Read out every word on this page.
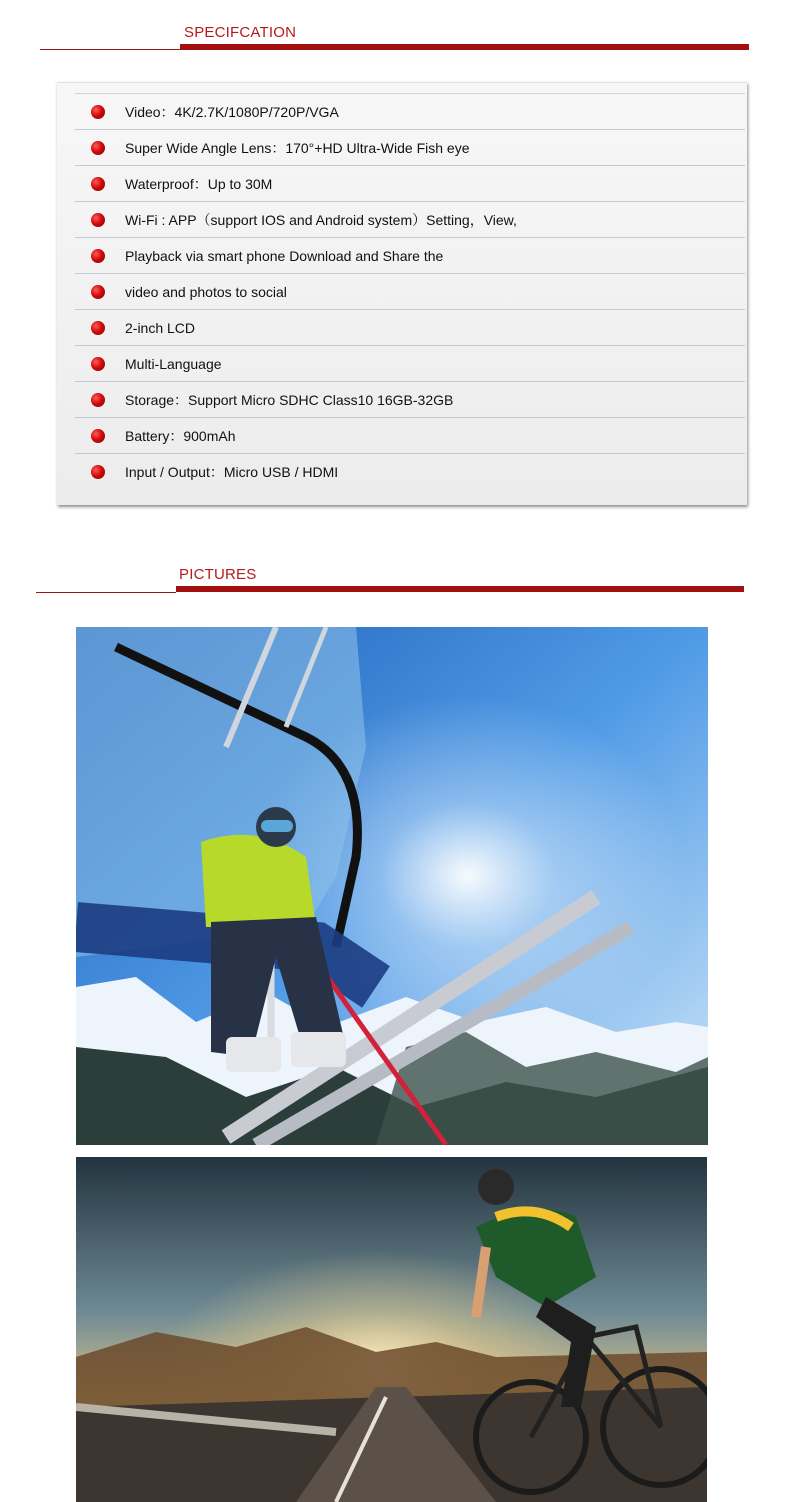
SPECIFCATION
Video：4K/2.7K/1080P/720P/VGA
Super Wide Angle Lens：170°+HD Ultra-Wide Fish eye
Waterproof：Up to 30M
Wi-Fi : APP（support IOS and Android system）Setting，View,
Playback via smart phone Download and Share the
video and photos to social
2-inch LCD
Multi-Language
Storage：Support Micro SDHC Class10 16GB-32GB
Battery：900mAh
Input / Output：Micro USB / HDMI
PICTURES
